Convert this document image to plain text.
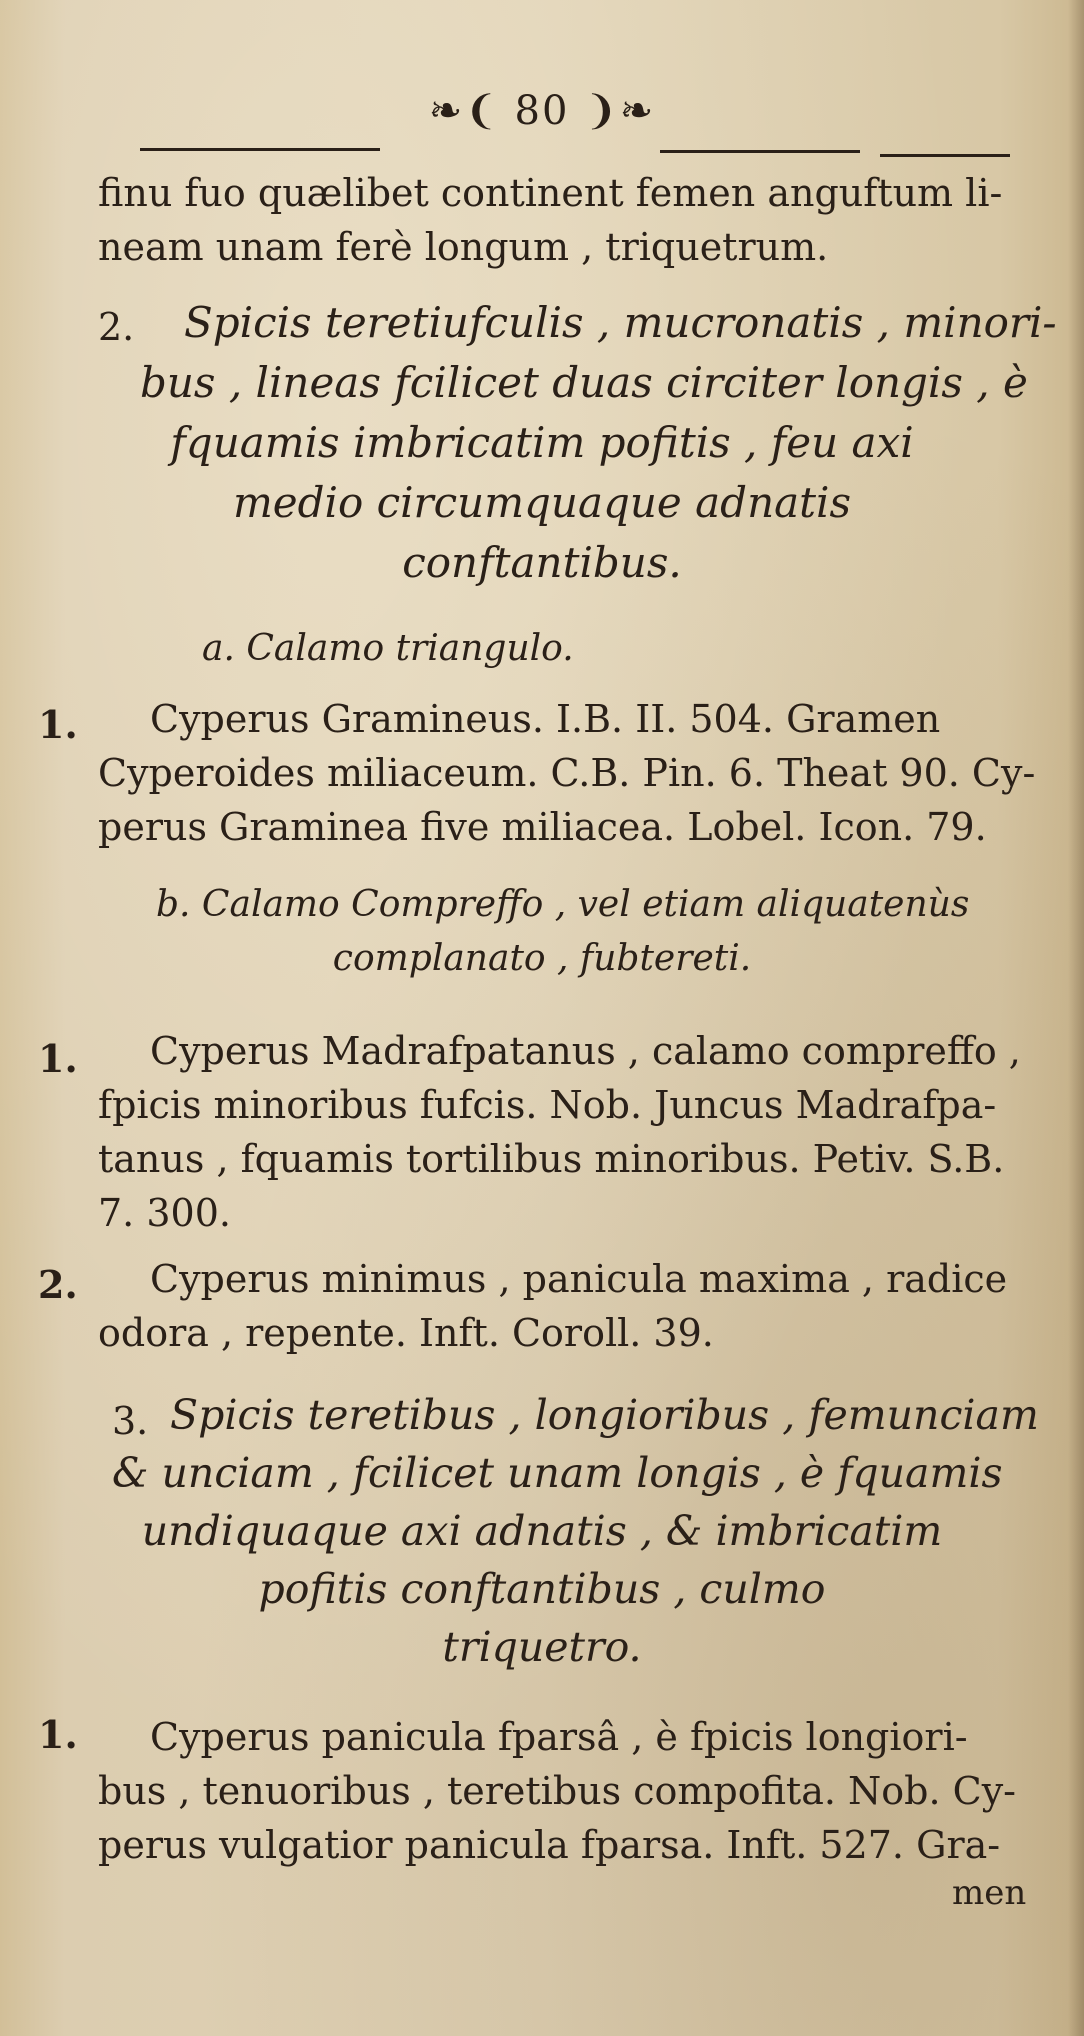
❧❨ 80 ❩❧
finu fuo quælibet continent femen anguftum li-
neam unam ferè longum , triquetrum.
2. Spicis teretiufculis , mucronatis , minori-
bus , lineas fcilicet duas circiter longis , è
fquamis imbricatim pofitis , feu axi
medio circumquaque adnatis
conftantibus.
a. Calamo triangulo.
1. Cyperus Gramineus. I.B. II. 504. Gramen
Cyperoides miliaceum. C.B. Pin. 6. Theat 90. Cy-
perus Graminea five miliacea. Lobel. Icon. 79.
b. Calamo Compreffo , vel etiam aliquatenùs
complanato , fubtereti.
1. Cyperus Madrafpatanus , calamo compreffo ,
fpicis minoribus fufcis. Nob. Juncus Madrafpa-
tanus , fquamis tortilibus minoribus. Petiv. S.B.
7. 300.
2. Cyperus minimus , panicula maxima , radice
odora , repente. Inft. Coroll. 39.
3. Spicis teretibus , longioribus , femunciam
& unciam , fcilicet unam longis , è fquamis
undiquaque axi adnatis , & imbricatim
pofitis conftantibus , culmo
triquetro.
1. Cyperus panicula fparsâ , è fpicis longiori-
bus , tenuoribus , teretibus compofita. Nob. Cy-
perus vulgatior panicula fparsa. Inft. 527. Gra-
men
